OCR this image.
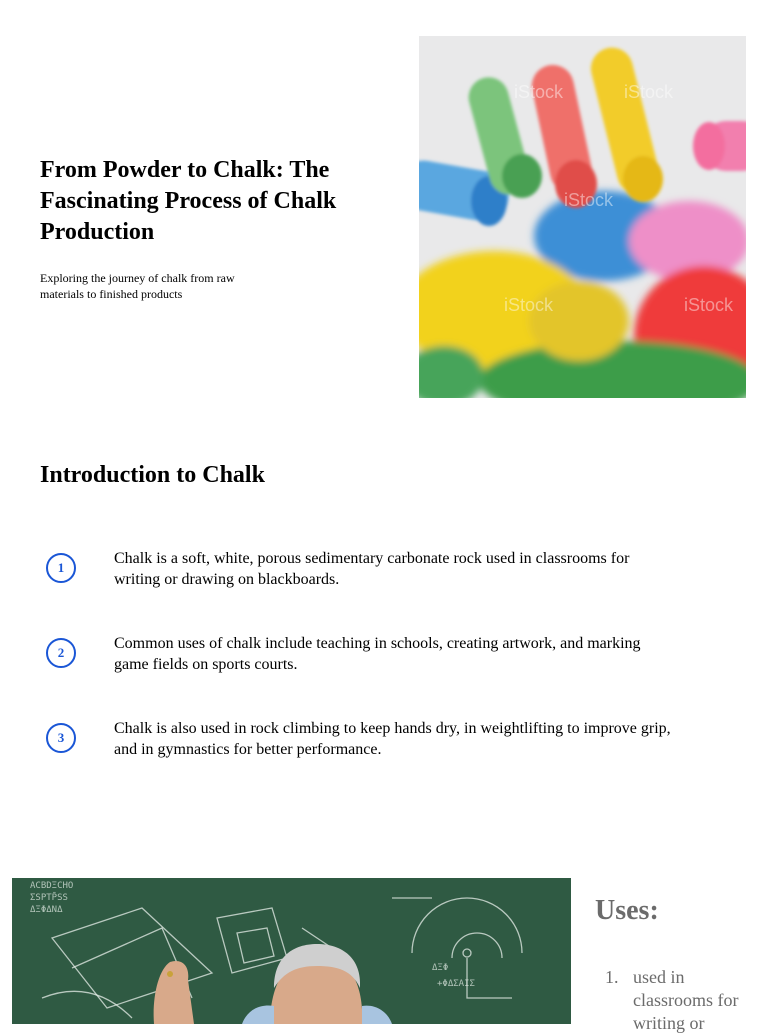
From Powder to Chalk: The Fascinating Process of Chalk Production

Exploring the journey of chalk from raw materials to finished products

iStock	iStock
iStock
iStock	iStock
Introduction to Chalk
1
Chalk is a soft, white, porous sedimentary carbonate rock used in classrooms for writing or drawing on blackboards.
2
Common uses of chalk include teaching in schools, creating artwork, and marking game fields on sports courts.
3
Chalk is also used in rock climbing to keep hands dry, in weightlifting to improve grip, and in gymnastics for better performance.
ACBDΞCHO
ΣSPTP̄SS
ΔΞΦΔΝΔ
ΔΞΦ
+ΦΔΣΑΙΣ
Uses:
1. used in classrooms for writing or
